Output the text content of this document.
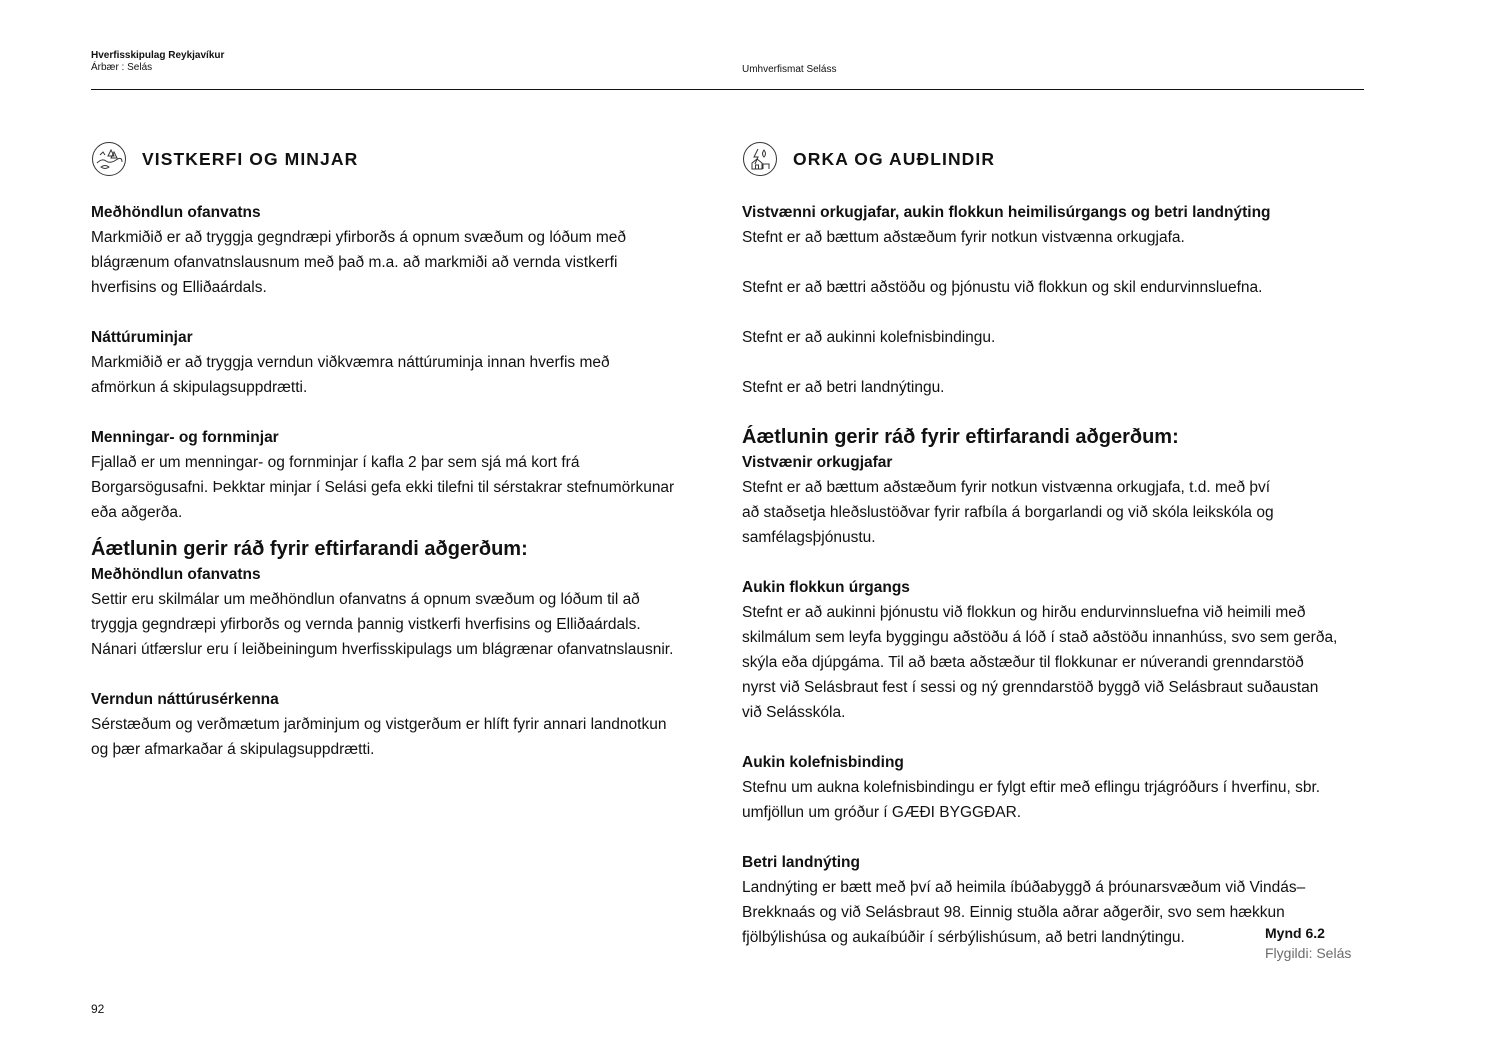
Hverfisskipulag Reykjavíkur
Árbær : Selás	Umhverfismat Seláss
VISTKERFI OG MINJAR
Meðhöndlun ofanvatns
Markmiðið er að tryggja gegndræpi yfirborðs á opnum svæðum og lóðum með
blágrænum ofanvatnslausnum með það m.a. að markmiði að vernda vistkerfi
hverfisins og Elliðaárdals.
Náttúruminjar
Markmiðið er að tryggja verndun viðkvæmra náttúruminja innan hverfis með
afmörkun á skipulagsuppdrætti.
Menningar- og fornminjar
Fjallað er um menningar- og fornminjar í kafla 2 þar sem sjá má kort frá
Borgarsögusafni. Þekktar minjar í Selási gefa ekki tilefni til sérstakrar stefnumörkunar
eða aðgerða.
Áætlunin gerir ráð fyrir eftirfarandi aðgerðum:
Meðhöndlun ofanvatns
Settir eru skilmálar um meðhöndlun ofanvatns á opnum svæðum og lóðum til að
tryggja gegndræpi yfirborðs og vernda þannig vistkerfi hverfisins og Elliðaárdals.
Nánari útfærslur eru í leiðbeiningum hverfisskipulags um blágrænar ofanvatnslausnir.
Verndun náttúrusérkenna
Sérstæðum og verðmætum jarðminjum og vistgerðum er hlíft fyrir annari landnotkun
og þær afmarkaðar á skipulagsuppdrætti.
ORKA OG AUÐLINDIR
Vistvænni orkugjafar, aukin flokkun heimilisúrgangs og betri landnýting
Stefnt er að bættum aðstæðum fyrir notkun vistvænna orkugjafa.
Stefnt er að bættri aðstöðu og þjónustu við flokkun og skil endurvinnsluefna.
Stefnt er að aukinni kolefnisbindingu.
Stefnt er að betri landnýtingu.
Áætlunin gerir ráð fyrir eftirfarandi aðgerðum:
Vistvænir orkugjafar
Stefnt er að bættum aðstæðum fyrir notkun vistvænna orkugjafa, t.d. með því
að staðsetja hleðslustöðvar fyrir rafbíla á borgarlandi og við skóla leikskóla og
samfélagsþjónustu.
Aukin flokkun úrgangs
Stefnt er að aukinni þjónustu við flokkun og hirðu endurvinnsluefna við heimili með
skilmálum sem leyfa byggingu aðstöðu á lóð í stað aðstöðu innanhúss, svo sem gerða,
skýla eða djúpgáma. Til að bæta aðstæður til flokkunar er núverandi grenndarstöð
nyrst við Selásbraut fest í sessi og ný grenndarstöð byggð við Selásbraut suðaustan
við Selásskóla.
Aukin kolefnisbinding
Stefnu um aukna kolefnisbindingu er fylgt eftir með eflingu trjágróðurs í hverfinu, sbr.
umfjöllun um gróður í GÆÐI BYGGÐAR.
Betri landnýting
Landnýting er bætt með því að heimila íbúðabyggð á þróunarsvæðum við Vindás–
Brekknaás og við Selásbraut 98. Einnig stuðla aðrar aðgerðir, svo sem hækkun
fjölbýlishúsa og aukaíbúðir í sérbýlishúsum, að betri landnýtingu.	Mynd 6.2
Flygildi: Selás
92
